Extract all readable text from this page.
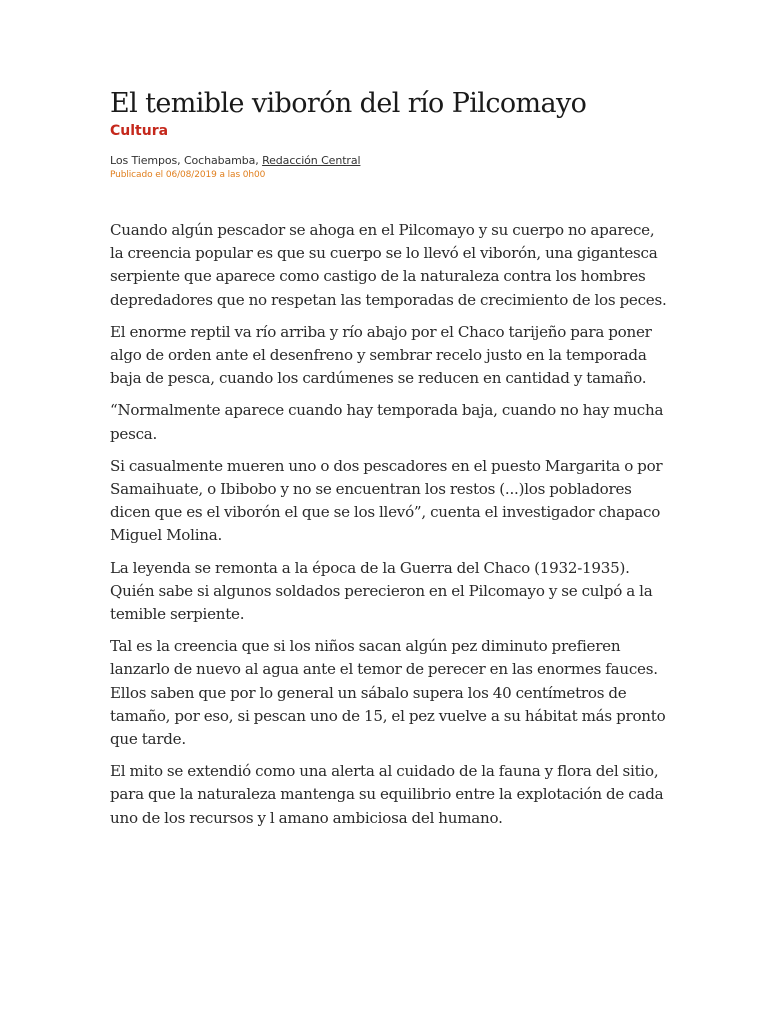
El temible viborón del río Pilcomayo
Cultura
Los Tiempos, Cochabamba, Redacción Central
Publicado el 06/08/2019 a las 0h00

Cuando algún pescador se ahoga en el Pilcomayo y su cuerpo no aparece, la creencia popular es que su cuerpo se lo llevó el viborón, una gigantesca serpiente que aparece como castigo de la naturaleza contra los hombres depredadores que no respetan las temporadas de crecimiento de los peces.

El enorme reptil va río arriba y río abajo por el Chaco tarijeño para poner algo de orden ante el desenfreno y sembrar recelo justo en la temporada baja de pesca, cuando los cardúmenes se reducen en cantidad y tamaño.

“Normalmente aparece cuando hay temporada baja, cuando no hay mucha pesca.

Si casualmente mueren uno o dos pescadores en el puesto Margarita o por Samaihuate, o Ibibobo y no se encuentran los restos (...)los pobladores dicen que es el viborón el que se los llevó”, cuenta el investigador chapaco Miguel Molina.

La leyenda se remonta a la época de la Guerra del Chaco (1932-1935). Quién sabe si algunos soldados perecieron en el Pilcomayo y se culpó a la temible serpiente.

Tal es la creencia que si los niños sacan algún pez diminuto prefieren lanzarlo de nuevo al agua ante el temor de perecer en las enormes fauces. Ellos saben que por lo general un sábalo supera los 40 centímetros de tamaño, por eso, si pescan uno de 15, el pez vuelve a su hábitat más pronto que tarde.

El mito se extendió como una alerta al cuidado de la fauna y flora del sitio, para que la naturaleza mantenga su equilibrio entre la explotación de cada uno de los recursos y l amano ambiciosa del humano.
